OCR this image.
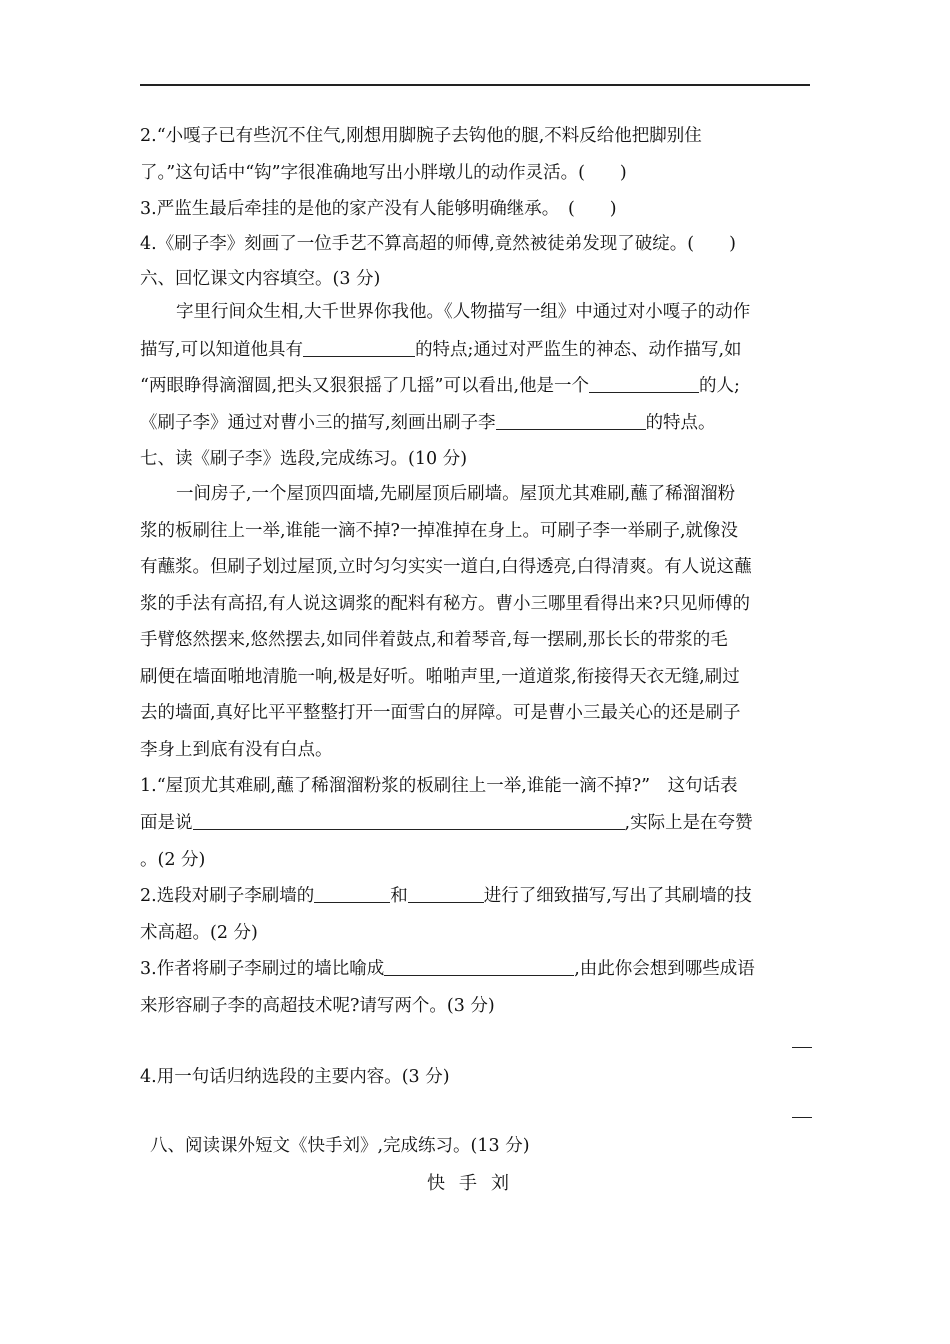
2.“小嘎子已有些沉不住气,刚想用脚腕子去钩他的腿,不料反给他把脚别住
了。”这句话中“钩”字很准确地写出小胖墩儿的动作灵活。(　　)
3.严监生最后牵挂的是他的家产没有人能够明确继承。　(　　)
4.《刷子李》刻画了一位手艺不算高超的师傅,竟然被徒弟发现了破绽。(　　)
六、回忆课文内容填空。(3 分)
字里行间众生相,大千世界你我他。《人物描写一组》中通过对小嘎子的动作
描写,可以知道他具有	的特点;通过对严监生的神态、动作描写,如
“两眼睁得滴溜圆,把头又狠狠摇了几摇”可以看出,他是一个	的人;
《刷子李》通过对曹小三的描写,刻画出刷子李	的特点。
七、读《刷子李》选段,完成练习。(10 分)
一间房子,一个屋顶四面墙,先刷屋顶后刷墙。屋顶尤其难刷,蘸了稀溜溜粉
浆的板刷往上一举,谁能一滴不掉?一掉准掉在身上。可刷子李一举刷子,就像没
有蘸浆。但刷子划过屋顶,立时匀匀实实一道白,白得透亮,白得清爽。有人说这蘸
浆的手法有高招,有人说这调浆的配料有秘方。曹小三哪里看得出来?只见师傅的
手臂悠然摆来,悠然摆去,如同伴着鼓点,和着琴音,每一摆刷,那长长的带浆的毛
刷便在墙面啪地清脆一响,极是好听。啪啪声里,一道道浆,衔接得天衣无缝,刷过
去的墙面,真好比平平整整打开一面雪白的屏障。可是曹小三最关心的还是刷子
李身上到底有没有白点。
1.“屋顶尤其难刷,蘸了稀溜溜粉浆的板刷往上一举,谁能一滴不掉?”　这句话表
面是说	,实际上是在夸赞
。(2 分)
2.选段对刷子李刷墙的	和	进行了细致描写,写出了其刷墙的技
术高超。(2 分)
3.作者将刷子李刷过的墙比喻成	,由此你会想到哪些成语
来形容刷子李的高超技术呢?请写两个。(3 分)
4.用一句话归纳选段的主要内容。(3 分)
八、阅读课外短文《快手刘》,完成练习。(13 分)
快手刘
